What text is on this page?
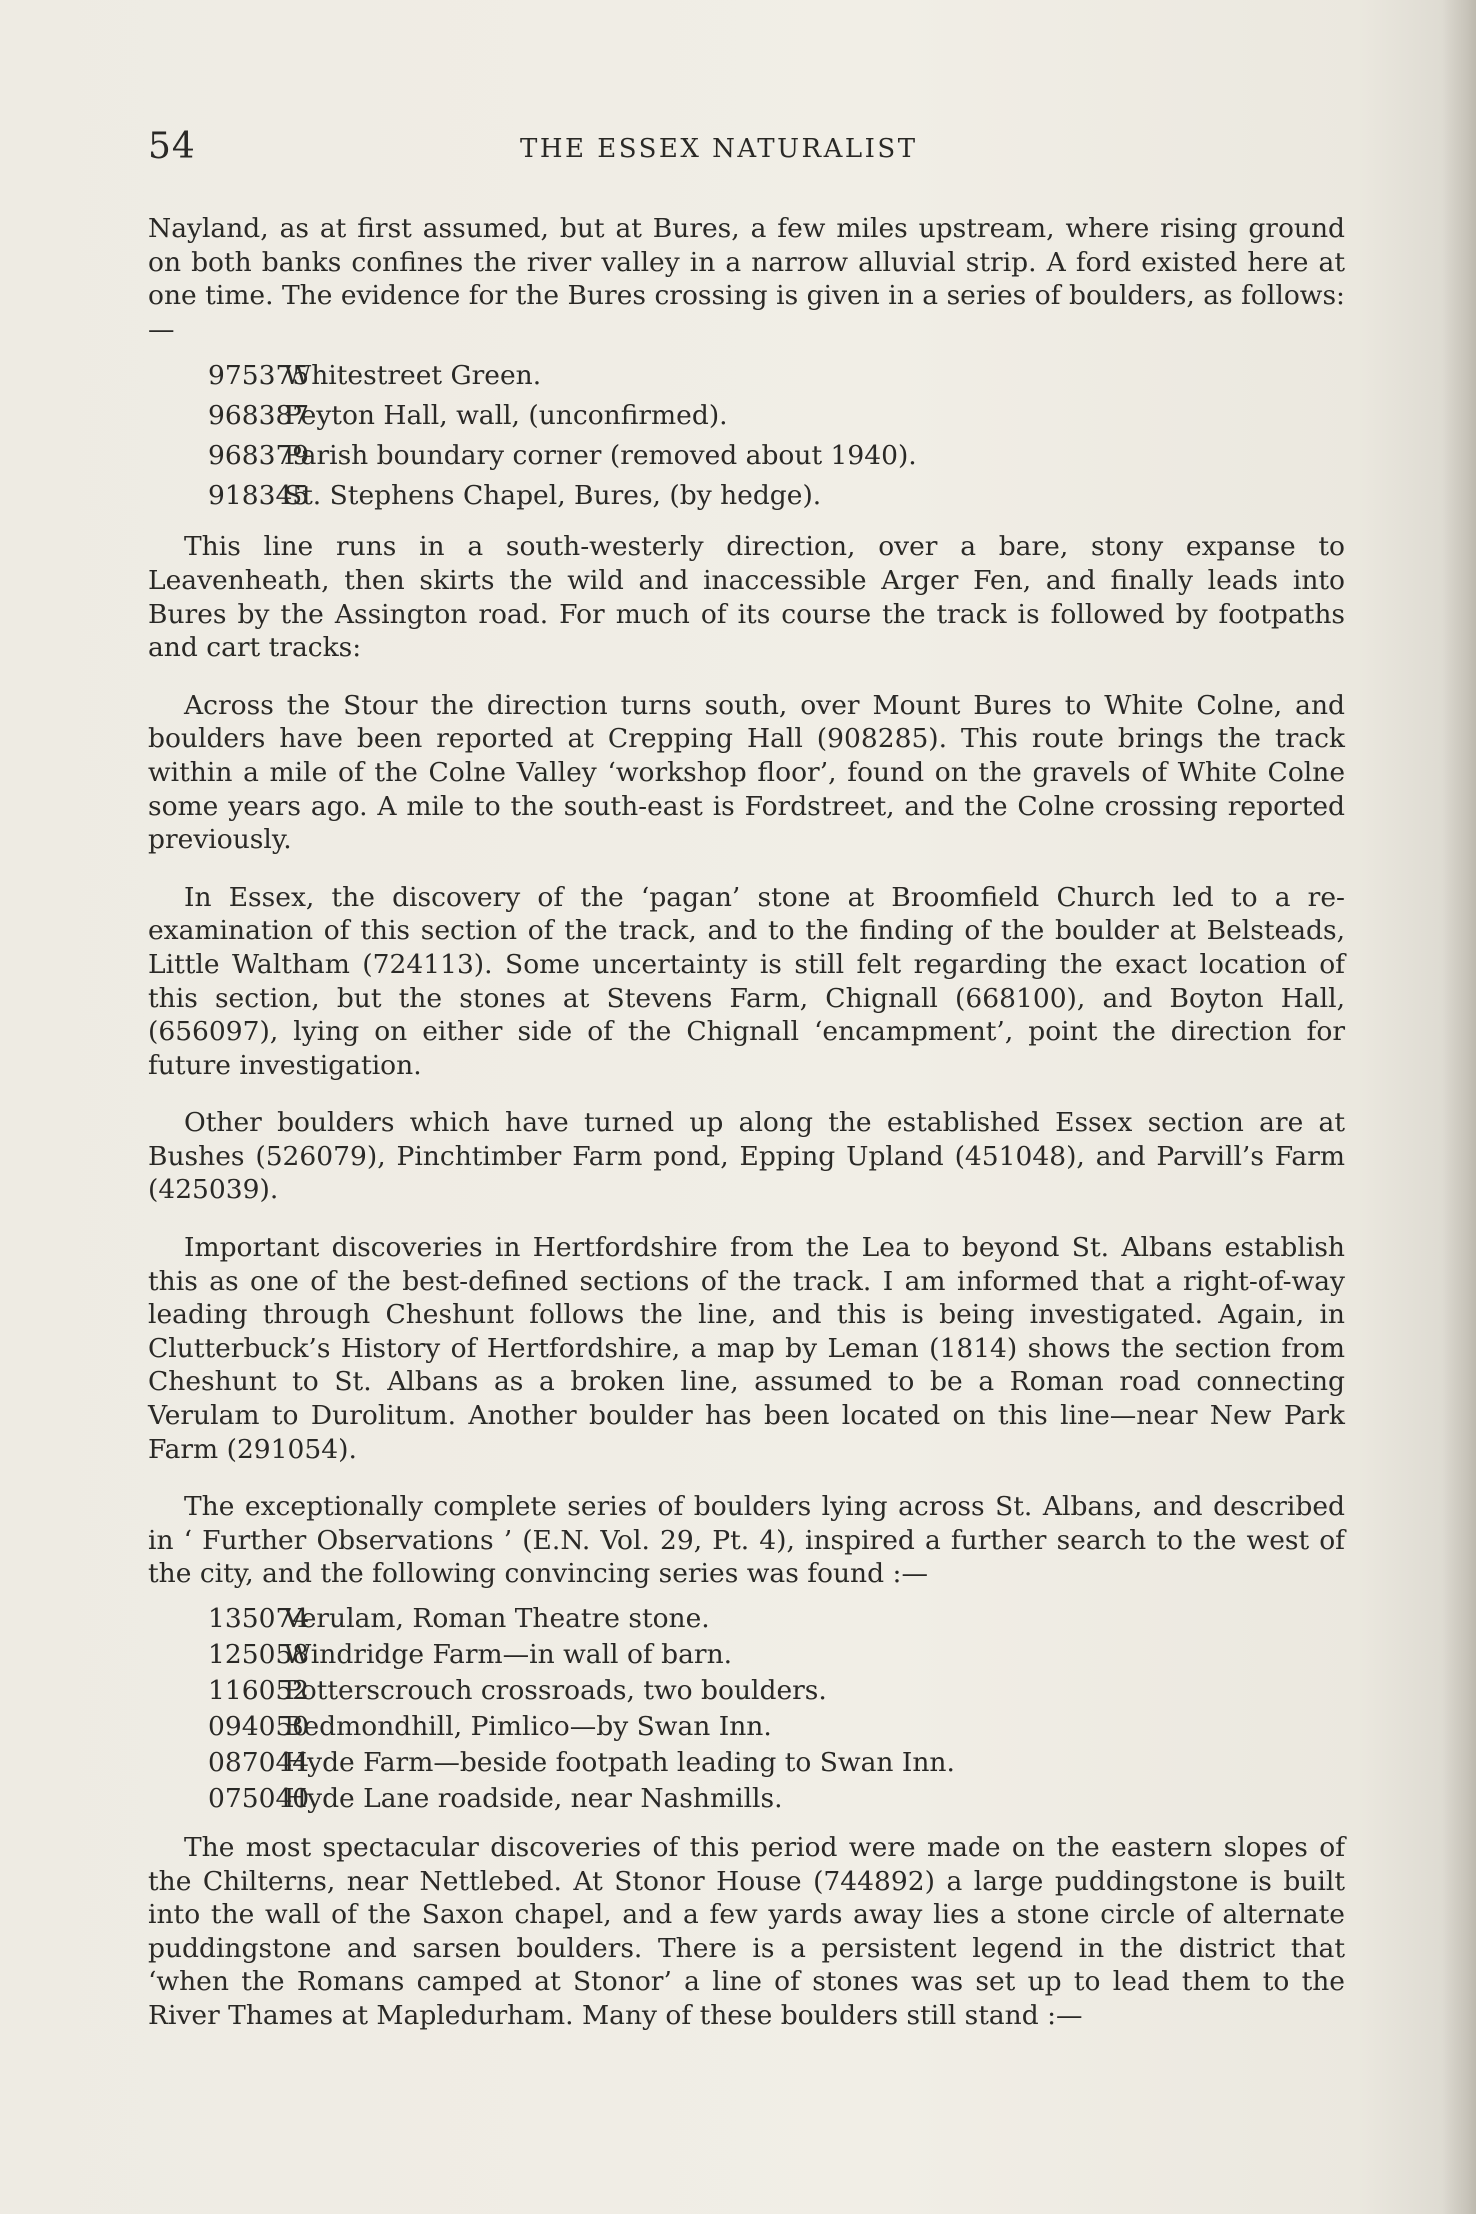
54	THE ESSEX NATURALIST

Nayland, as at first assumed, but at Bures, a few miles upstream, where rising ground on both banks confines the river valley in a narrow alluvial strip. A ford existed here at one time. The evidence for the Bures crossing is given in a series of boulders, as follows:—

975375
Whitestreet Green.
968387
Peyton Hall, wall, (unconfirmed).
968379
Parish boundary corner (removed about 1940).
918345
St. Stephens Chapel, Bures, (by hedge).

This line runs in a south-westerly direction, over a bare, stony expanse to Leavenheath, then skirts the wild and inaccessible Arger Fen, and finally leads into Bures by the Assington road. For much of its course the track is followed by footpaths and cart tracks:

Across the Stour the direction turns south, over Mount Bures to White Colne, and boulders have been reported at Crepping Hall (908285). This route brings the track within a mile of the Colne Valley ‘workshop floor’, found on the gravels of White Colne some years ago. A mile to the south-east is Fordstreet, and the Colne crossing reported previously.

In Essex, the discovery of the ‘pagan’ stone at Broomfield Church led to a re-examination of this section of the track, and to the finding of the boulder at Belsteads, Little Waltham (724113). Some uncertainty is still felt regarding the exact location of this section, but the stones at Stevens Farm, Chignall (668100), and Boyton Hall, (656097), lying on either side of the Chignall ‘encampment’, point the direction for future investigation.

Other boulders which have turned up along the established Essex section are at Bushes (526079), Pinchtimber Farm pond, Epping Upland (451048), and Parvill’s Farm (425039).

Important discoveries in Hertfordshire from the Lea to beyond St. Albans establish this as one of the best-defined sections of the track. I am informed that a right-of-way leading through Cheshunt follows the line, and this is being investigated. Again, in Clutterbuck’s History of Hertfordshire, a map by Leman (1814) shows the section from Cheshunt to St. Albans as a broken line, assumed to be a Roman road connecting Verulam to Durolitum. Another boulder has been located on this line—near New Park Farm (291054).

The exceptionally complete series of boulders lying across St. Albans, and described in ‘ Further Observations ’ (E.N. Vol. 29, Pt. 4), inspired a further search to the west of the city, and the following convincing series was found :—

135074
Verulam, Roman Theatre stone.
125058
Windridge Farm—in wall of barn.
116052
Potterscrouch crossroads, two boulders.
094050
Bedmondhill, Pimlico—by Swan Inn.
087044
Hyde Farm—beside footpath leading to Swan Inn.
075040
Hyde Lane roadside, near Nashmills.

The most spectacular discoveries of this period were made on the eastern slopes of the Chilterns, near Nettlebed. At Stonor House (744892) a large puddingstone is built into the wall of the Saxon chapel, and a few yards away lies a stone circle of alternate puddingstone and sarsen boulders. There is a persistent legend in the district that ‘when the Romans camped at Stonor’ a line of stones was set up to lead them to the River Thames at Mapledurham. Many of these boulders still stand :—
